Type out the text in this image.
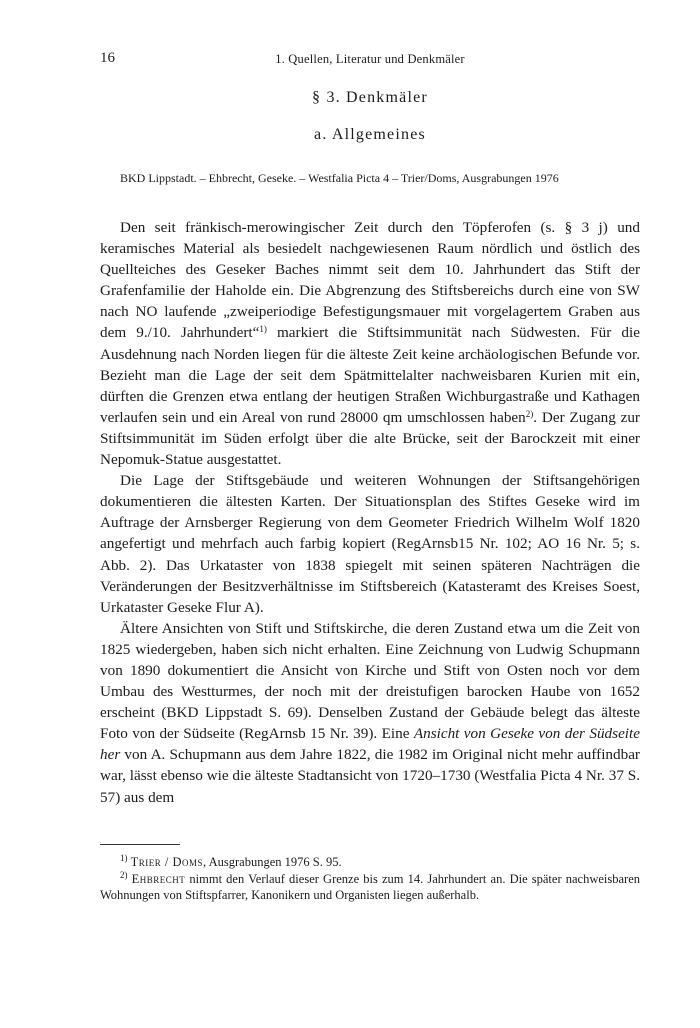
16	1. Quellen, Literatur und Denkmäler
§ 3. Denkmäler
a. Allgemeines
BKD Lippstadt. – Ehbrecht, Geseke. – Westfalia Picta 4 – Trier/Doms, Ausgrabungen 1976

Den seit fränkisch-merowingischer Zeit durch den Töpferofen (s. § 3 j) und keramisches Material als besiedelt nachgewiesenen Raum nördlich und östlich des Quellteiches des Geseker Baches nimmt seit dem 10. Jahrhundert das Stift der Grafenfamilie der Haholde ein. Die Abgrenzung des Stiftsbereichs durch eine von SW nach NO laufende „zweiperiodige Befestigungsmauer mit vorgelagertem Graben aus dem 9./10. Jahrhundert“$^{1)}$ markiert die Stiftsimmunität nach Südwesten. Für die Ausdehnung nach Norden liegen für die älteste Zeit keine archäologischen Befunde vor. Bezieht man die Lage der seit dem Spätmittelalter nachweisbaren Kurien mit ein, dürften die Grenzen etwa entlang der heutigen Straßen Wichburgastraße und Kathagen verlaufen sein und ein Areal von rund 28000 qm umschlossen haben$^{2)}$. Der Zugang zur Stiftsimmunität im Süden erfolgt über die alte Brücke, seit der Barockzeit mit einer Nepomuk-Statue ausgestattet.

Die Lage der Stiftsgebäude und weiteren Wohnungen der Stiftsangehörigen dokumentieren die ältesten Karten. Der Situationsplan des Stiftes Geseke wird im Auftrage der Arnsberger Regierung von dem Geometer Friedrich Wilhelm Wolf 1820 angefertigt und mehrfach auch farbig kopiert (RegArnsb15 Nr. 102; AO 16 Nr. 5; s. Abb. 2). Das Urkataster von 1838 spiegelt mit seinen späteren Nachträgen die Veränderungen der Besitzverhältnisse im Stiftsbereich (Katasteramt des Kreises Soest, Urkataster Geseke Flur A).

Ältere Ansichten von Stift und Stiftskirche, die deren Zustand etwa um die Zeit von 1825 wiedergeben, haben sich nicht erhalten. Eine Zeichnung von Ludwig Schupmann von 1890 dokumentiert die Ansicht von Kirche und Stift von Osten noch vor dem Umbau des Westturmes, der noch mit der dreistufigen barocken Haube von 1652 erscheint (BKD Lippstadt S. 69). Denselben Zustand der Gebäude belegt das älteste Foto von der Südseite (RegArnsb 15 Nr. 39). Eine Ansicht von Geseke von der Südseite her von A. Schupmann aus dem Jahre 1822, die 1982 im Original nicht mehr auffindbar war, lässt ebenso wie die älteste Stadtansicht von 1720–1730 (Westfalia Picta 4 Nr. 37 S. 57) aus dem

$^{1)}$ Trier / Doms, Ausgrabungen 1976 S. 95.

$^{2)}$ Ehbrecht nimmt den Verlauf dieser Grenze bis zum 14. Jahrhundert an. Die später nachweisbaren Wohnungen von Stiftspfarrer, Kanonikern und Organisten liegen außerhalb.
